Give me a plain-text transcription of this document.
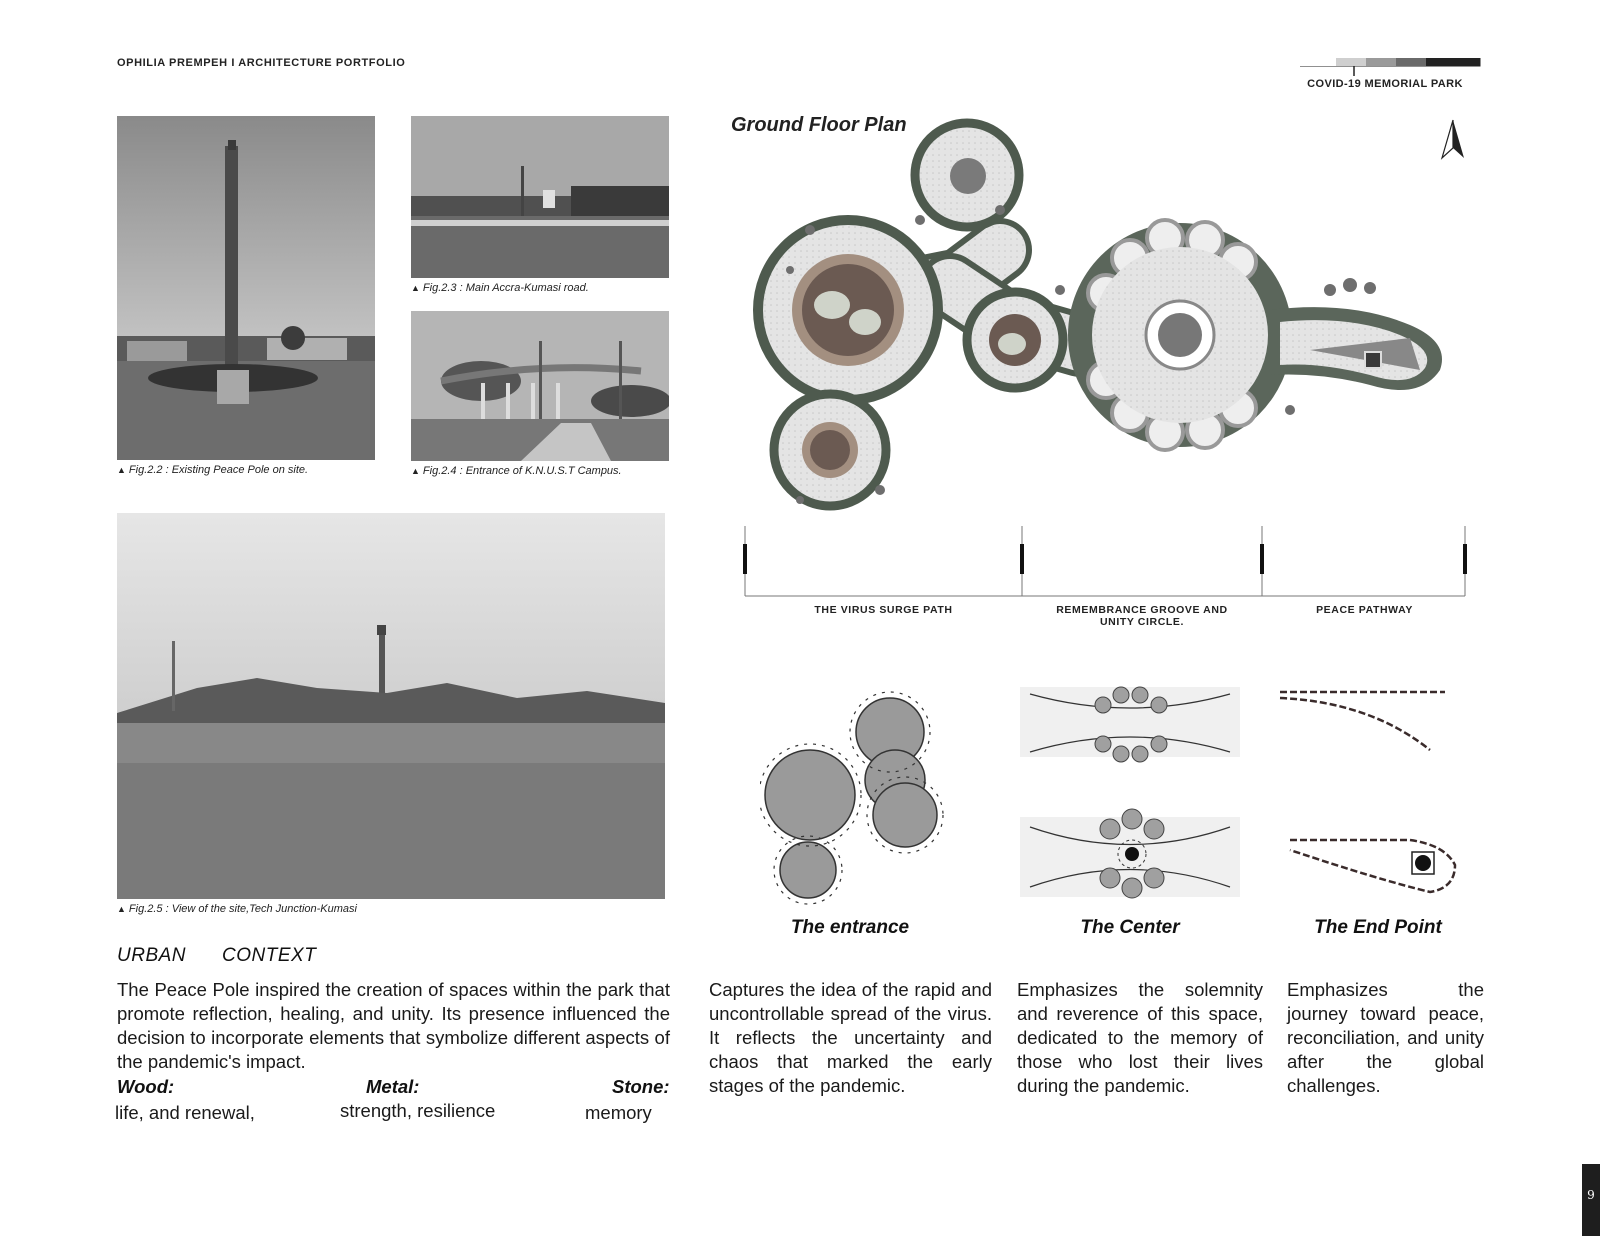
OPHILIA PREMPEH I ARCHITECTURE PORTFOLIO
COVID-19 MEMORIAL PARK
▲ Fig.2.2 : Existing Peace Pole on site.
▲ Fig.2.3 : Main Accra-Kumasi road.
▲ Fig.2.4 : Entrance of K.N.U.S.T Campus.
▲ Fig.2.5 : View of the site,Tech Junction-Kumasi
Ground Floor Plan
THE VIRUS SURGE PATH	REMEMBRANCE GROOVE AND UNITY CIRCLE.
PEACE PATHWAY
The entrance	The Center	The End Point
URBAN CONTEXT
The Peace Pole inspired the creation of spaces within the park that promote reflection, healing, and unity. Its presence influenced the decision to incorporate elements that symbolize different aspects of the pandemic's impact.
Wood:	Metal:	Stone:
life, and renewal,	strength, resilience	memory
Captures the idea of the rapid and uncontrollable spread of the virus. It reflects the uncertainty and chaos that marked the early stages of the pandemic.
Emphasizes the solemnity and reverence of this space, dedicated to the memory of those who lost their lives during the pandemic.
Emphasizes the journey toward peace, reconciliation, and unity after the global challenges.
9
